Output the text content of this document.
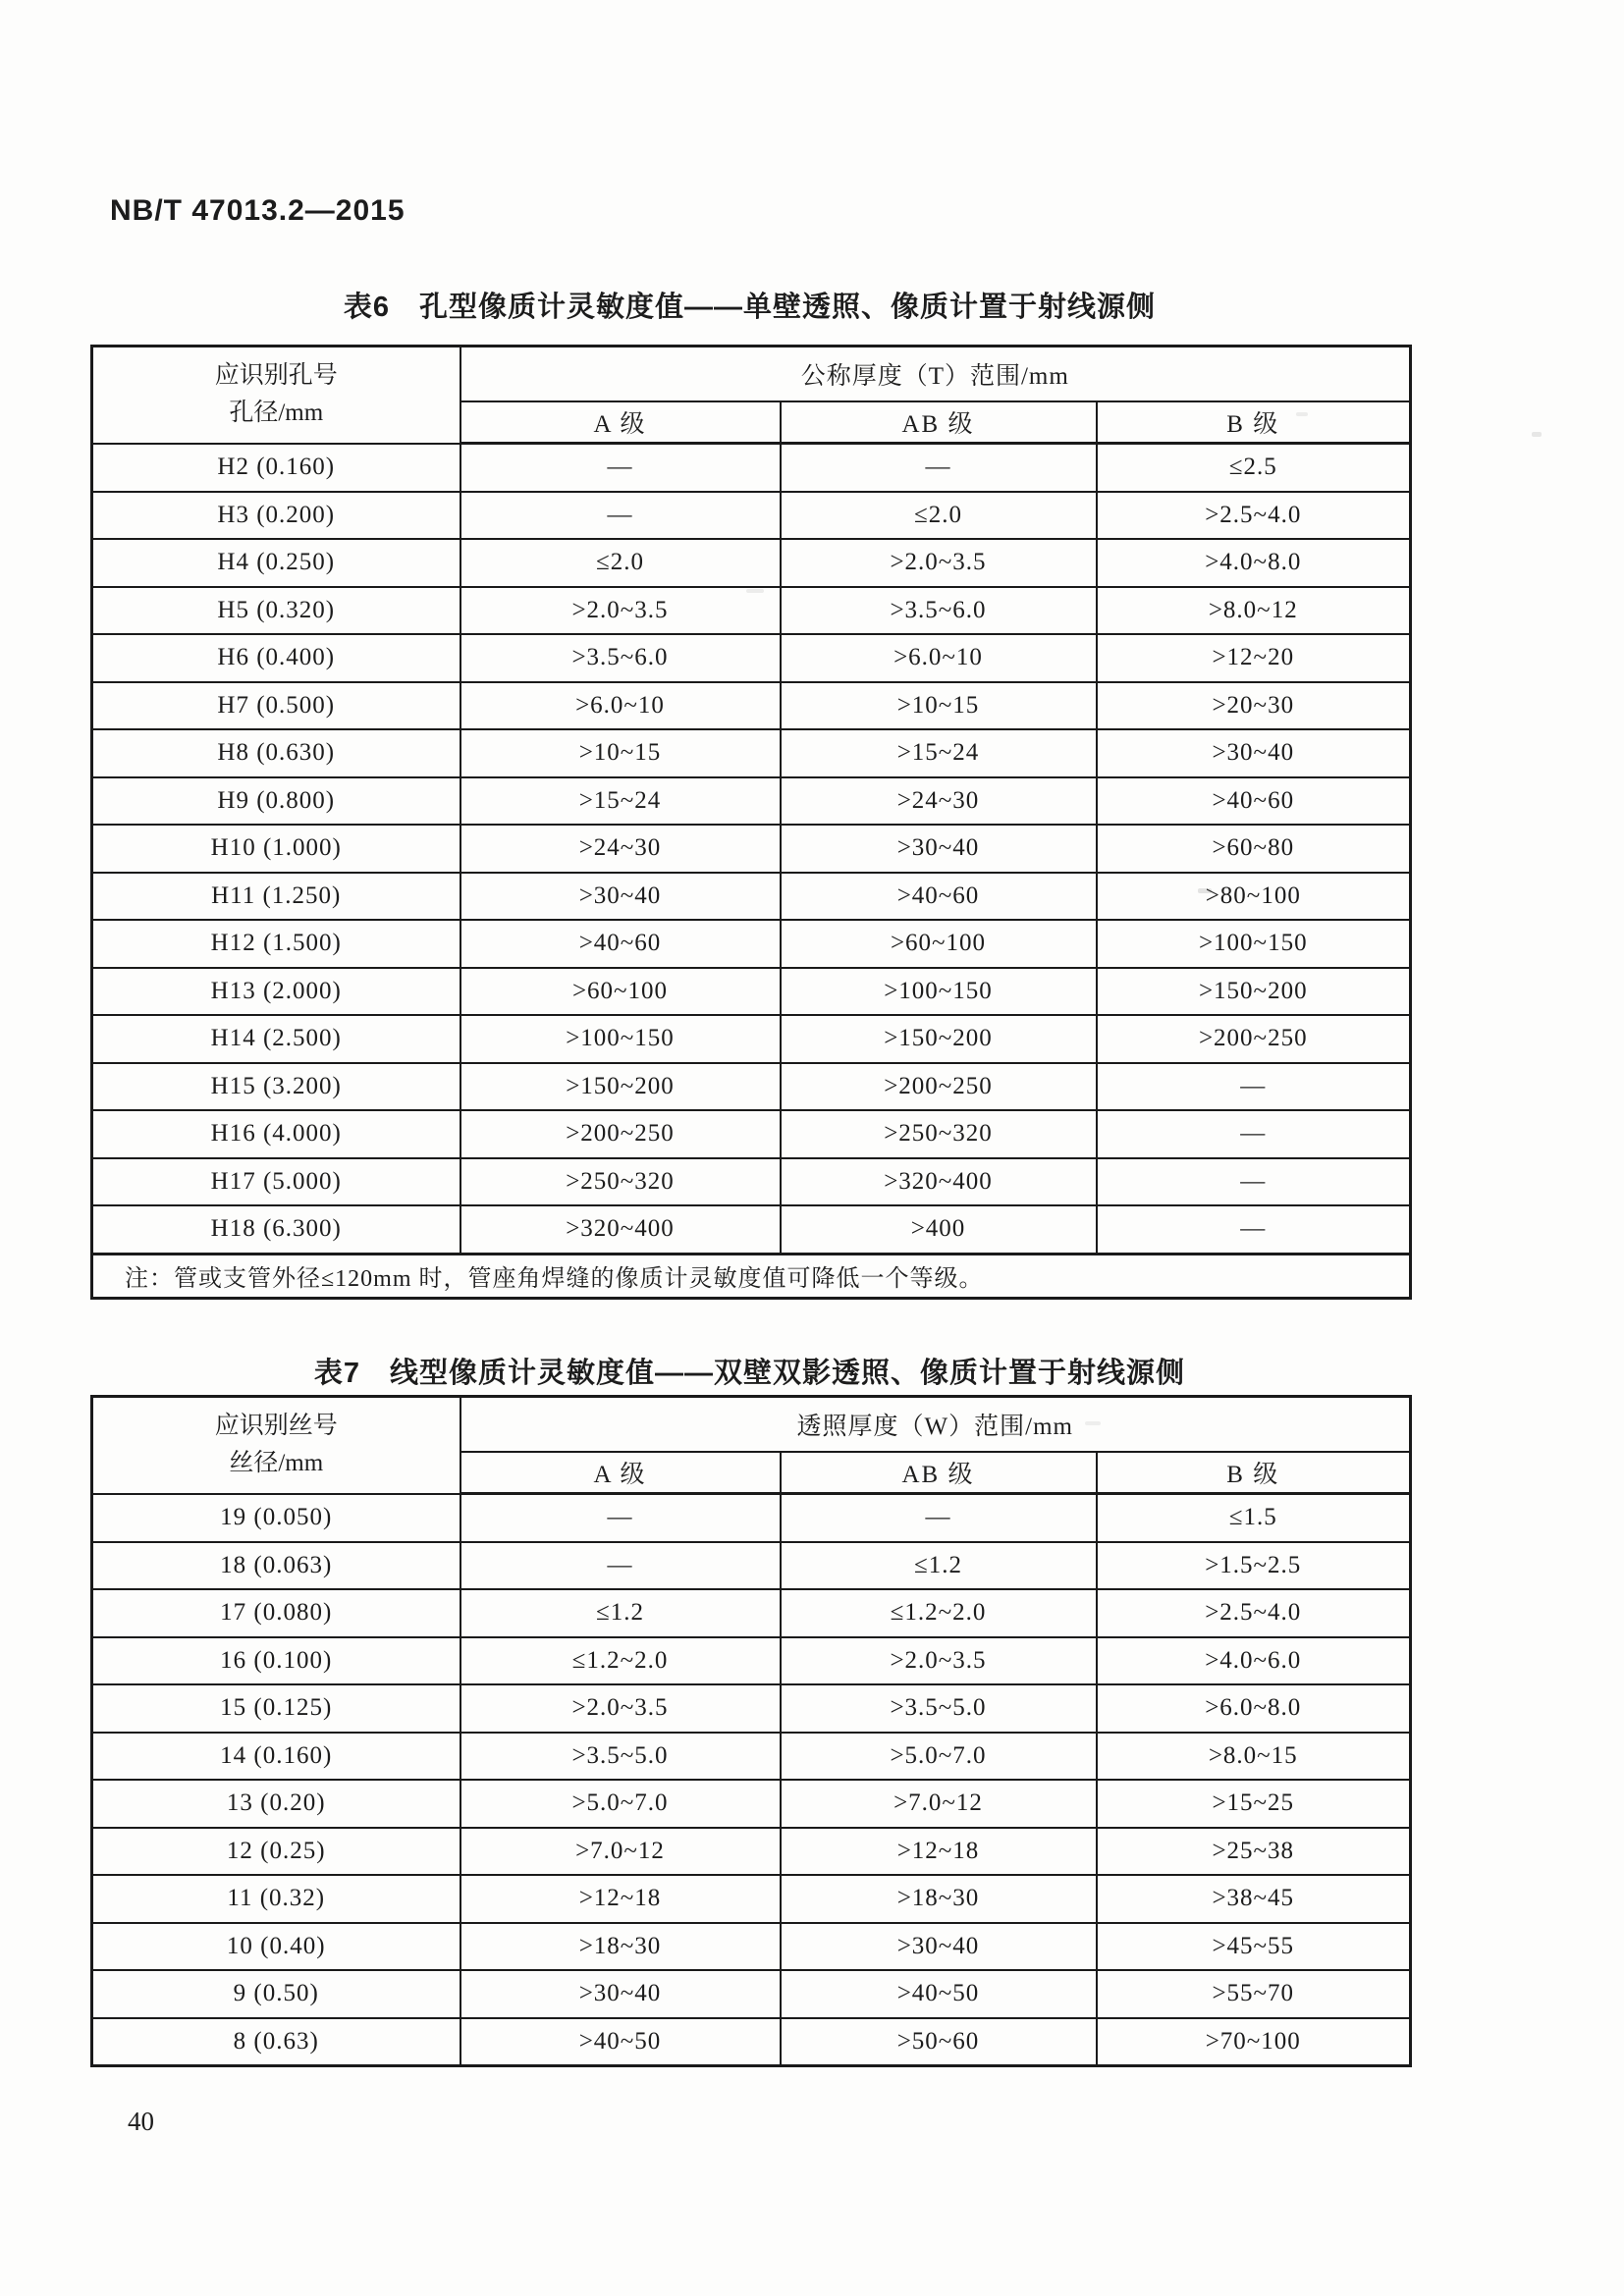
NB/T 47013.2—2015
表6　孔型像质计灵敏度值——单壁透照、像质计置于射线源侧
应识别孔号
孔径/mm	公称厚度（T）范围/mm		
	A 级	AB 级	B 级
H2 (0.160)	—	—	≤2.5
H3 (0.200)	—	≤2.0	>2.5~4.0
H4 (0.250)	≤2.0	>2.0~3.5	>4.0~8.0
H5 (0.320)	>2.0~3.5	>3.5~6.0	>8.0~12
H6 (0.400)	>3.5~6.0	>6.0~10	>12~20
H7 (0.500)	>6.0~10	>10~15	>20~30
H8 (0.630)	>10~15	>15~24	>30~40
H9 (0.800)	>15~24	>24~30	>40~60
H10 (1.000)	>24~30	>30~40	>60~80
H11 (1.250)	>30~40	>40~60	>80~100
H12 (1.500)	>40~60	>60~100	>100~150
H13 (2.000)	>60~100	>100~150	>150~200
H14 (2.500)	>100~150	>150~200	>200~250
H15 (3.200)	>150~200	>200~250	—
H16 (4.000)	>200~250	>250~320	—
H17 (5.000)	>250~320	>320~400	—
H18 (6.300)	>320~400	>400	—
注：管或支管外径≤120mm 时，管座角焊缝的像质计灵敏度值可降低一个等级。			
表7　线型像质计灵敏度值——双壁双影透照、像质计置于射线源侧
应识别丝号
丝径/mm	透照厚度（W）范围/mm		
	A 级	AB 级	B 级
19 (0.050)	—	—	≤1.5
18 (0.063)	—	≤1.2	>1.5~2.5
17 (0.080)	≤1.2	≤1.2~2.0	>2.5~4.0
16 (0.100)	≤1.2~2.0	>2.0~3.5	>4.0~6.0
15 (0.125)	>2.0~3.5	>3.5~5.0	>6.0~8.0
14 (0.160)	>3.5~5.0	>5.0~7.0	>8.0~15
13 (0.20)	>5.0~7.0	>7.0~12	>15~25
12 (0.25)	>7.0~12	>12~18	>25~38
11 (0.32)	>12~18	>18~30	>38~45
10 (0.40)	>18~30	>30~40	>45~55
9 (0.50)	>30~40	>40~50	>55~70
8 (0.63)	>40~50	>50~60	>70~100
40
